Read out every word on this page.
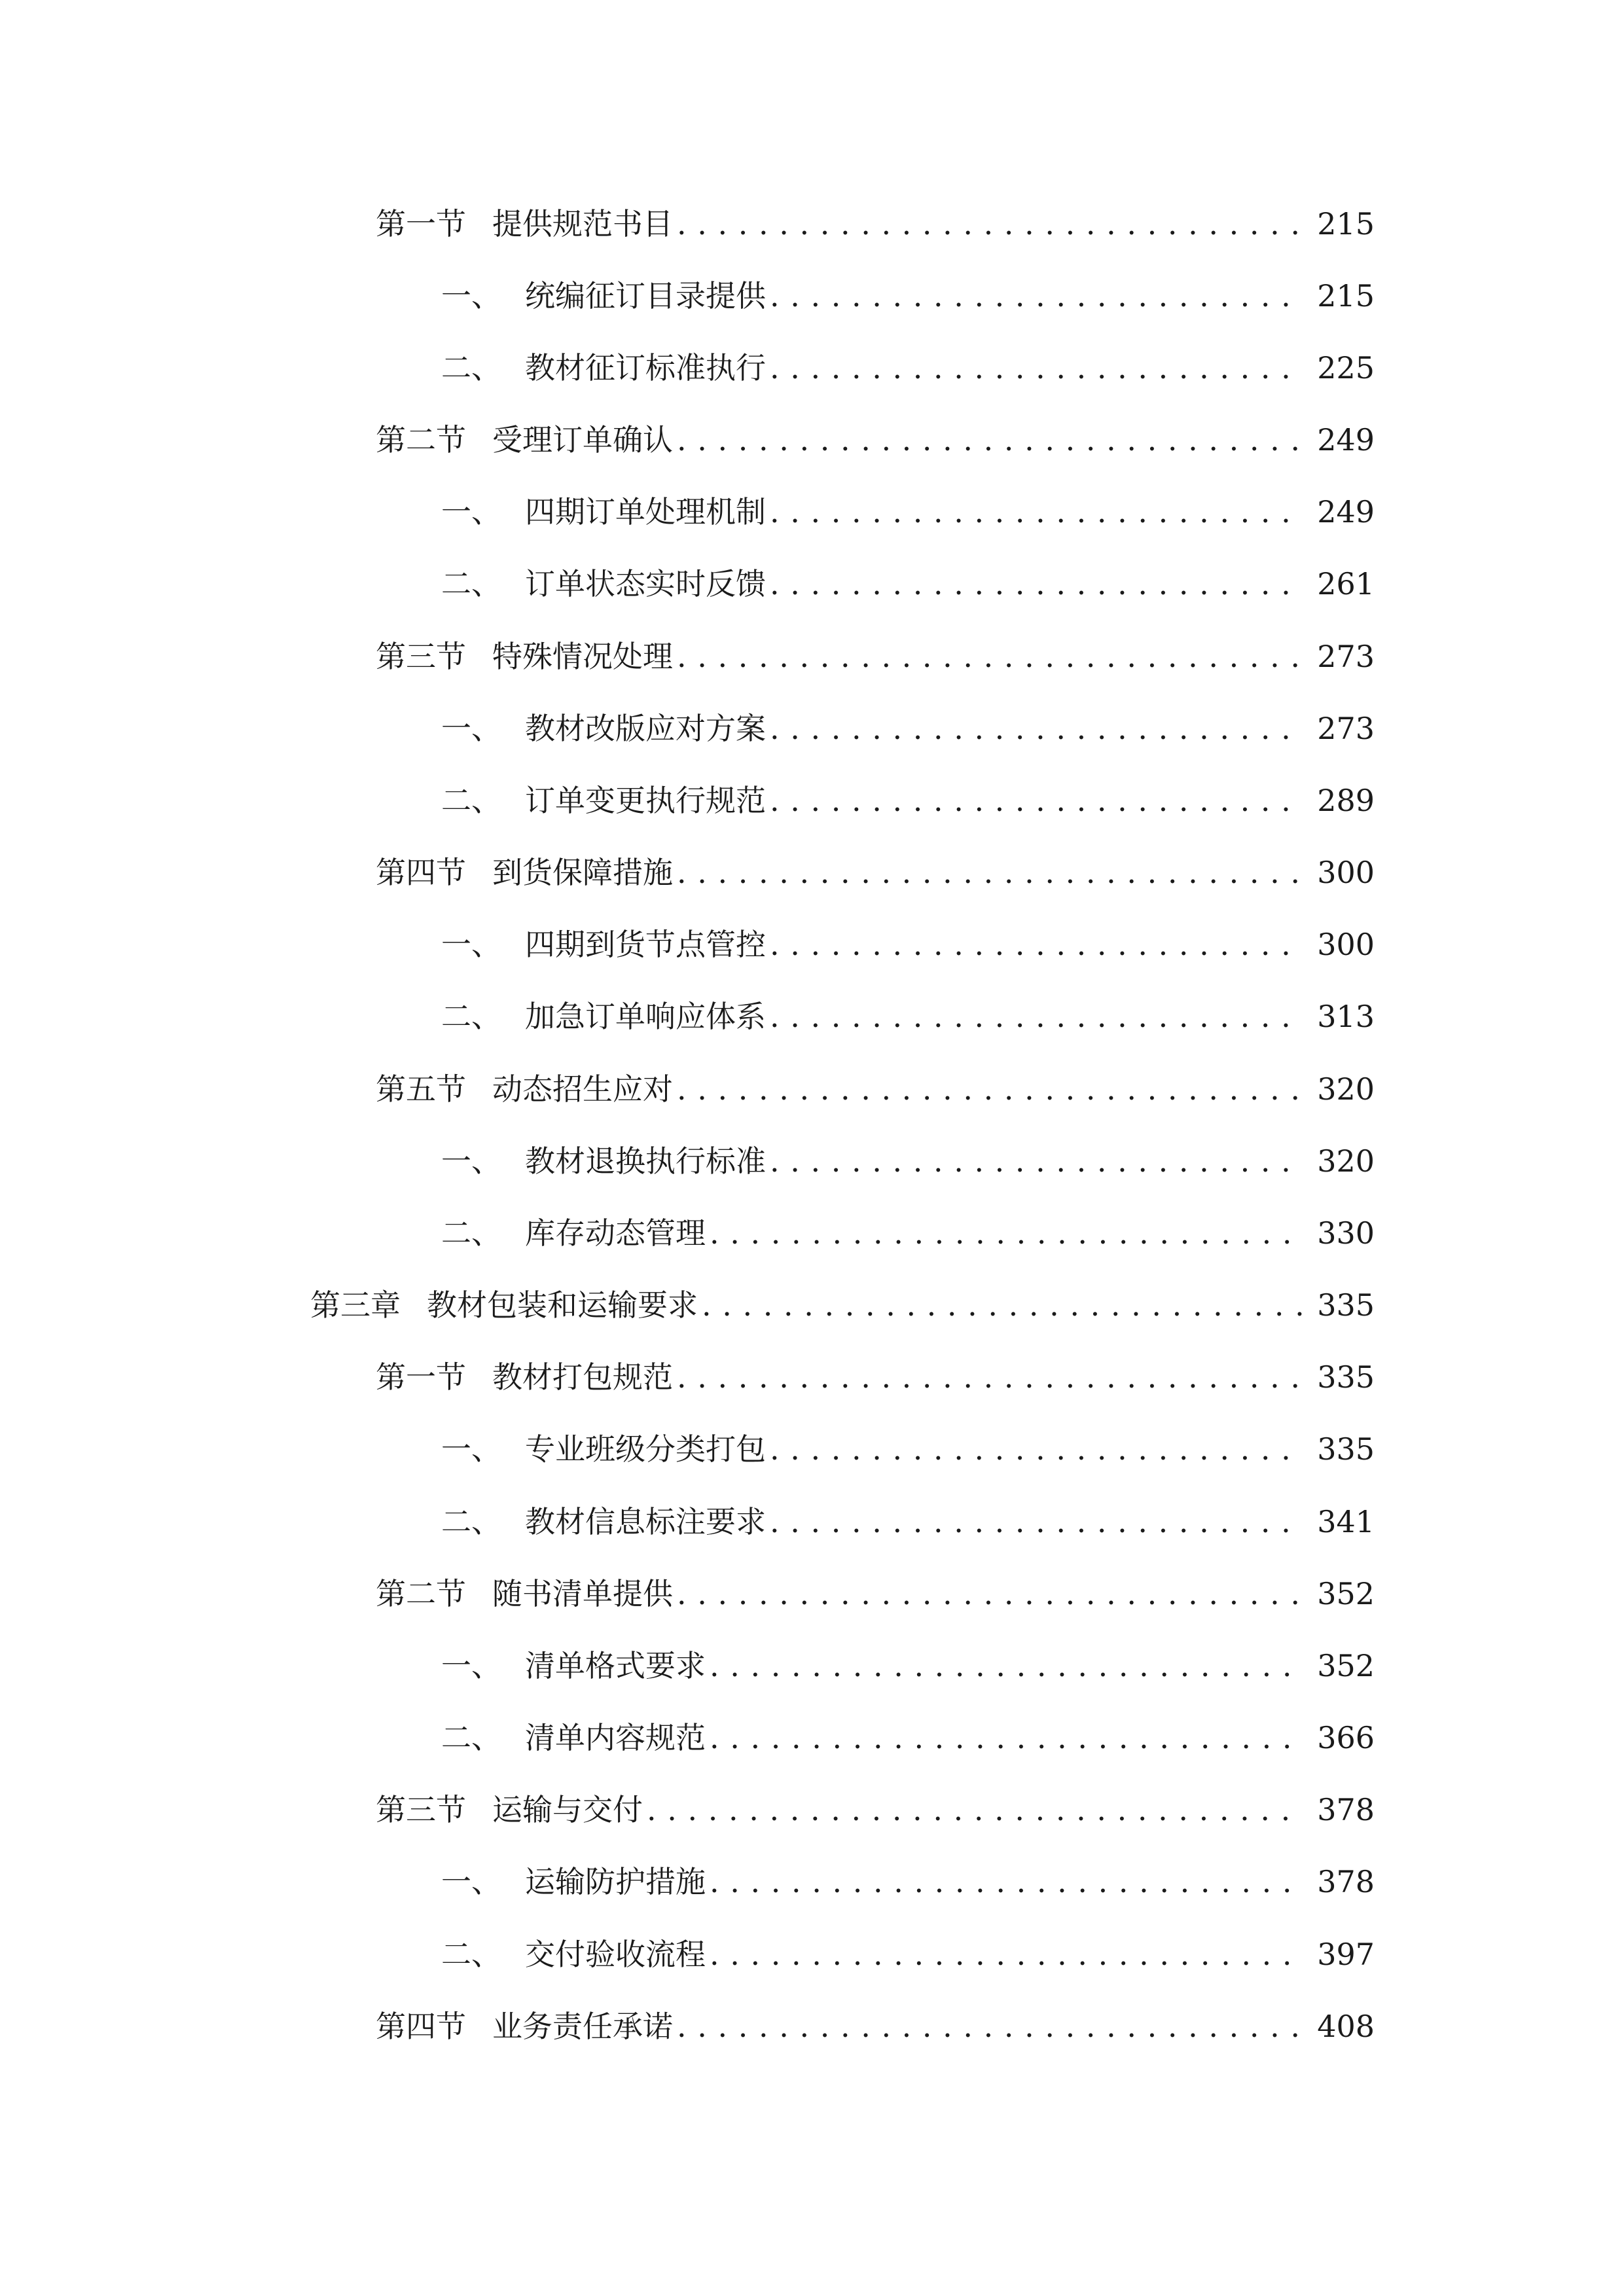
第一节 提供规范书目 . . .	215
一、 统编征订目录提供 . . .	215
二、 教材征订标准执行 . . .	225
第二节 受理订单确认 . . .	249
一、 四期订单处理机制 . . .	249
二、 订单状态实时反馈 . . .	261
第三节 特殊情况处理 . . .	273
一、 教材改版应对方案 . . .	273
二、 订单变更执行规范 . . .	289
第四节 到货保障措施 . . .	300
一、 四期到货节点管控 . . .	300
二、 加急订单响应体系 . . .	313
第五节 动态招生应对 . . .	320
一、 教材退换执行标准 . . .	320
二、 库存动态管理 . . .	330
第三章 教材包装和运输要求 . . .	335
第一节 教材打包规范 . . .	335
一、 专业班级分类打包 . . .	335
二、 教材信息标注要求 . . .	341
第二节 随书清单提供 . . .	352
一、 清单格式要求 . . .	352
二、 清单内容规范 . . .	366
第三节 运输与交付 . . .	378
一、 运输防护措施 . . .	378
二、 交付验收流程 . . .	397
第四节 业务责任承诺 . . .	408
